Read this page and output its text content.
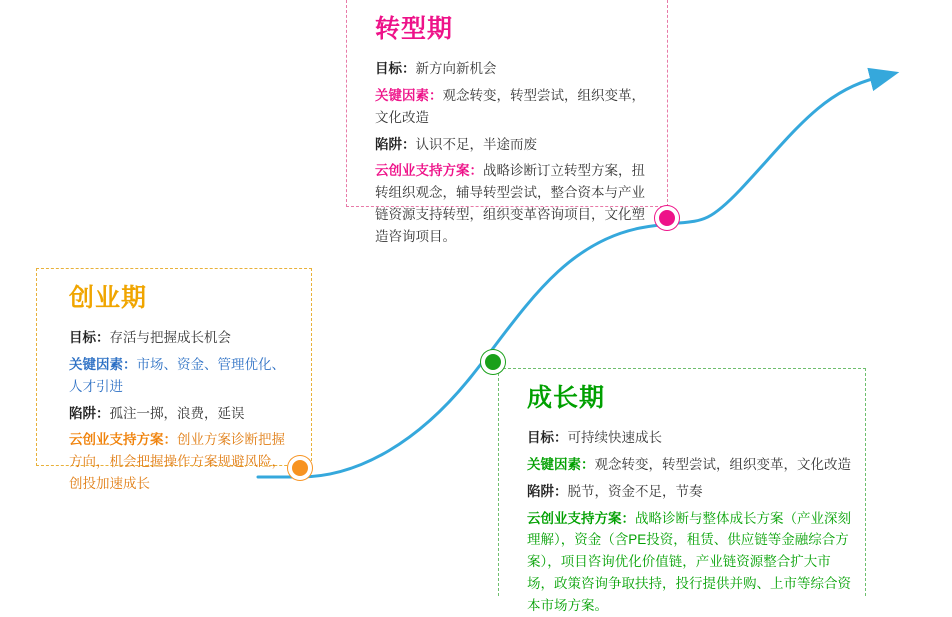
创业期
目标：存活与把握成长机会
关键因素：市场、资金、管理优化、人才引进
陷阱：孤注一掷，浪费，延误
云创业支持方案：创业方案诊断把握方向，机会把握操作方案规避风险，创投加速成长
转型期
目标：新方向新机会
关键因素：观念转变，转型尝试，组织变革，文化改造
陷阱：认识不足，半途而废
云创业支持方案：战略诊断订立转型方案，扭转组织观念，辅导转型尝试，整合资本与产业链资源支持转型，组织变革咨询项目，文化塑造咨询项目。
成长期
目标：可持续快速成长
关键因素：观念转变，转型尝试，组织变革，文化改造
陷阱：脱节，资金不足，节奏
云创业支持方案：战略诊断与整体成长方案（产业深刻理解），资金（含PE投资，租赁、供应链等金融综合方案），项目咨询优化价值链，产业链资源整合扩大市场，政策咨询争取扶持，投行提供并购、上市等综合资本市场方案。
